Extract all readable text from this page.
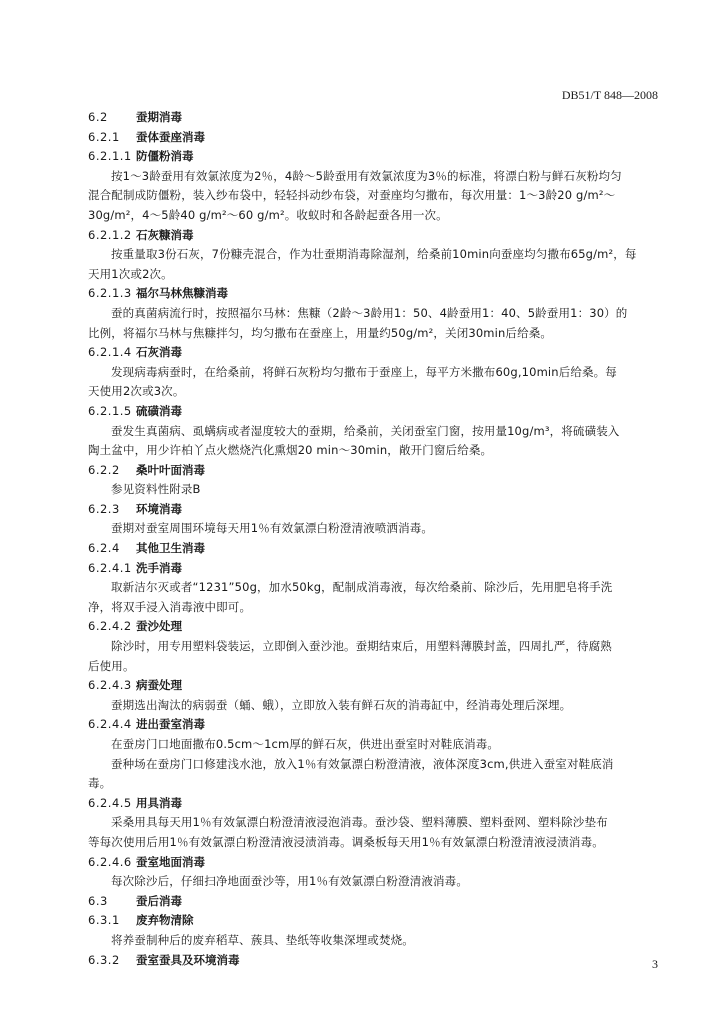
DB51/T 848—2008
6.2 蚕期消毒
6.2.1 蚕体蚕座消毒
6.2.1.1 防僵粉消毒
按1～3龄蚕用有效氯浓度为2％，4龄～5龄蚕用有效氯浓度为3％的标准，将漂白粉与鲜石灰粉均匀
混合配制成防僵粉，装入纱布袋中，轻轻抖动纱布袋，对蚕座均匀撒布，每次用量：1～3龄20 g/m²～
30g/m²，4～5龄40 g/m²～60 g/m²。收蚁时和各龄起蚕各用一次。
6.2.1.2 石灰糠消毒
按重量取3份石灰，7份糠壳混合，作为壮蚕期消毒除湿剂，给桑前10min向蚕座均匀撒布65g/m²，每
天用1次或2次。
6.2.1.3 福尔马林焦糠消毒
蚕的真菌病流行时，按照福尔马林：焦糠（2龄～3龄用1：50、4龄蚕用1：40、5龄蚕用1：30）的
比例，将福尔马林与焦糠拌匀，均匀撒布在蚕座上，用量约50g/m²，关闭30min后给桑。
6.2.1.4 石灰消毒
发现病毒病蚕时，在给桑前，将鲜石灰粉均匀撒布于蚕座上，每平方米撒布60g,10min后给桑。每
天使用2次或3次。
6.2.1.5 硫磺消毒
蚕发生真菌病、虱螨病或者湿度较大的蚕期，给桑前，关闭蚕室门窗，按用量10g/m³，将硫磺装入
陶土盆中，用少许柏丫点火燃烧汽化熏烟20 min～30min，敞开门窗后给桑。
6.2.2 桑叶叶面消毒
参见资料性附录B
6.2.3 环境消毒
蚕期对蚕室周围环境每天用1％有效氯漂白粉澄清液喷洒消毒。
6.2.4 其他卫生消毒
6.2.4.1 洗手消毒
取新洁尔灭或者“1231”50g，加水50kg，配制成消毒液，每次给桑前、除沙后，先用肥皂将手洗
净，将双手浸入消毒液中即可。
6.2.4.2 蚕沙处理
除沙时，用专用塑料袋装运，立即倒入蚕沙池。蚕期结束后，用塑料薄膜封盖，四周扎严，待腐熟
后使用。
6.2.4.3 病蚕处理
蚕期选出淘汰的病弱蚕（蛹、蛾），立即放入装有鲜石灰的消毒缸中，经消毒处理后深埋。
6.2.4.4 进出蚕室消毒
在蚕房门口地面撒布0.5cm～1cm厚的鲜石灰，供进出蚕室时对鞋底消毒。
蚕种场在蚕房门口修建浅水池，放入1％有效氯漂白粉澄清液，液体深度3cm,供进入蚕室对鞋底消
毒。
6.2.4.5 用具消毒
采桑用具每天用1％有效氯漂白粉澄清液浸泡消毒。蚕沙袋、塑料薄膜、塑料蚕网、塑料除沙垫布
等每次使用后用1％有效氯漂白粉澄清液浸渍消毒。调桑板每天用1％有效氯漂白粉澄清液浸渍消毒。
6.2.4.6 蚕室地面消毒
每次除沙后，仔细扫净地面蚕沙等，用1％有效氯漂白粉澄清液消毒。
6.3 蚕后消毒
6.3.1 废弃物清除
将养蚕制种后的废弃稻草、蔟具、垫纸等收集深埋或焚烧。
6.3.2 蚕室蚕具及环境消毒	3
